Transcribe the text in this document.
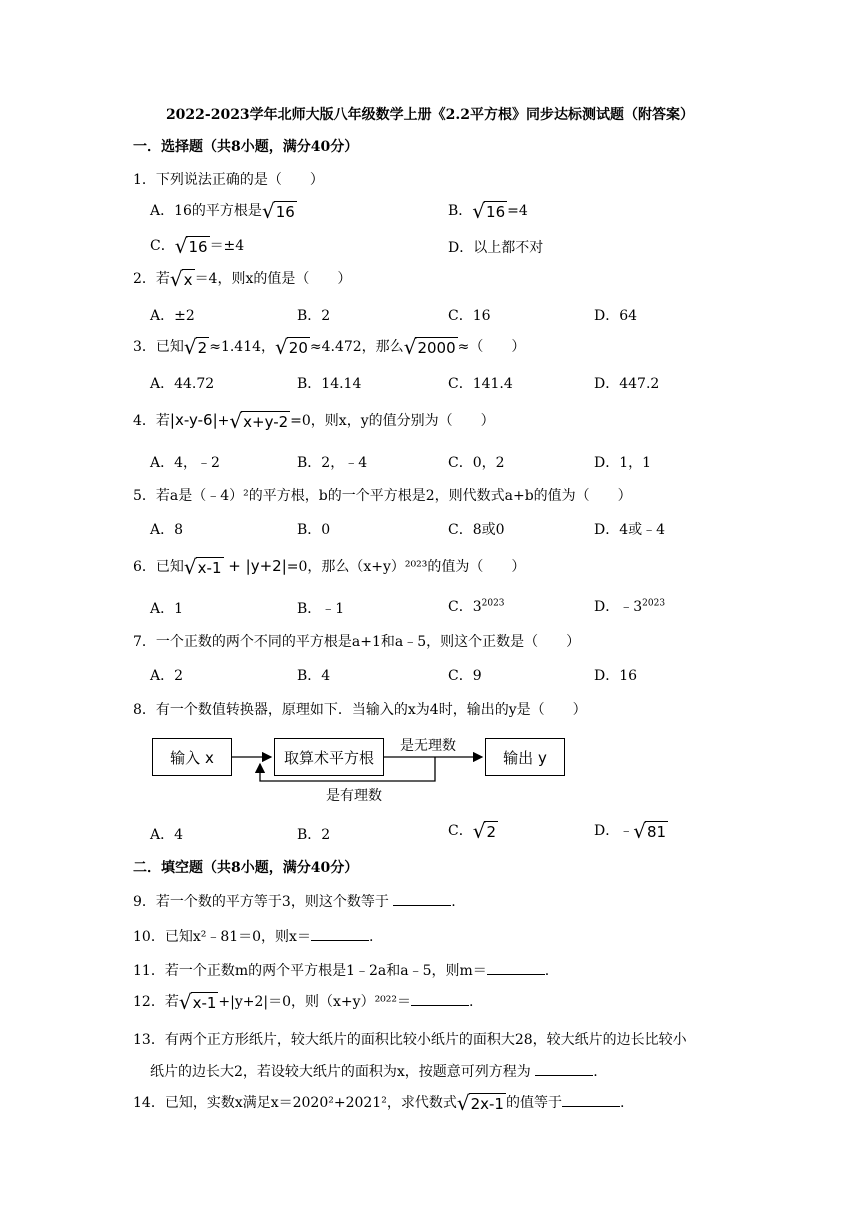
2022-2023学年北师大版八年级数学上册《2.2平方根》同步达标测试题（附答案）
一．选择题（共8小题，满分40分）
1．下列说法正确的是（　　）
A．16的平方根是 √ 16	B． √ 16 =4
C． √ 16 ＝±4	D．以上都不对
2．若 √ x ＝4，则x的值是（　　）
A．±2	B．2	C．16	D．64
3．已知 √ 2 ≈1.414， √ 20 ≈4.472，那么 √ 2000 ≈（　　）
A．44.72	B．14.14	C．141.4	D．447.2
4．若|x-y-6|+ √ x+y-2 =0，则x，y的值分别为（　　）
A．4，﹣2	B．2，﹣4	C．0，2	D．1，1
5．若a是（﹣4）²的平方根，b的一个平方根是2，则代数式a+b的值为（　　）
A．8	B．0	C．8或0	D．4或﹣4
6．已知 √ x-1 + |y+2|=0，那么（x+y）²⁰²³的值为（　　）
A．1	B．﹣1	C．$3^{2023}$	D．$﹣3^{2023}$
7．一个正数的两个不同的平方根是a+1和a﹣5，则这个正数是（　　）
A．2	B．4	C．9	D．16
8．有一个数值转换器，原理如下．当输入的x为4时，输出的y是（　　）
输入 x	取算术平方根	输出 y
是无理数
是有理数
A．4	B．2	C． √ 2	D．﹣ √ 81
二．填空题（共8小题，满分40分）
9．若一个数的平方等于3，则这个数等于	.
10．已知x²﹣81＝0，则x＝	.
11．若一个正数m的两个平方根是1﹣2a和a﹣5，则m＝	.
12．若 √ x-1 +|y+2|＝0，则（x+y）²⁰²²＝	.
13．有两个正方形纸片，较大纸片的面积比较小纸片的面积大28，较大纸片的边长比较小
纸片的边长大2，若设较大纸片的面积为x，按题意可列方程为	.
14．已知，实数x满足x＝2020²+2021²，求代数式 √ 2x-1 的值等于	.
